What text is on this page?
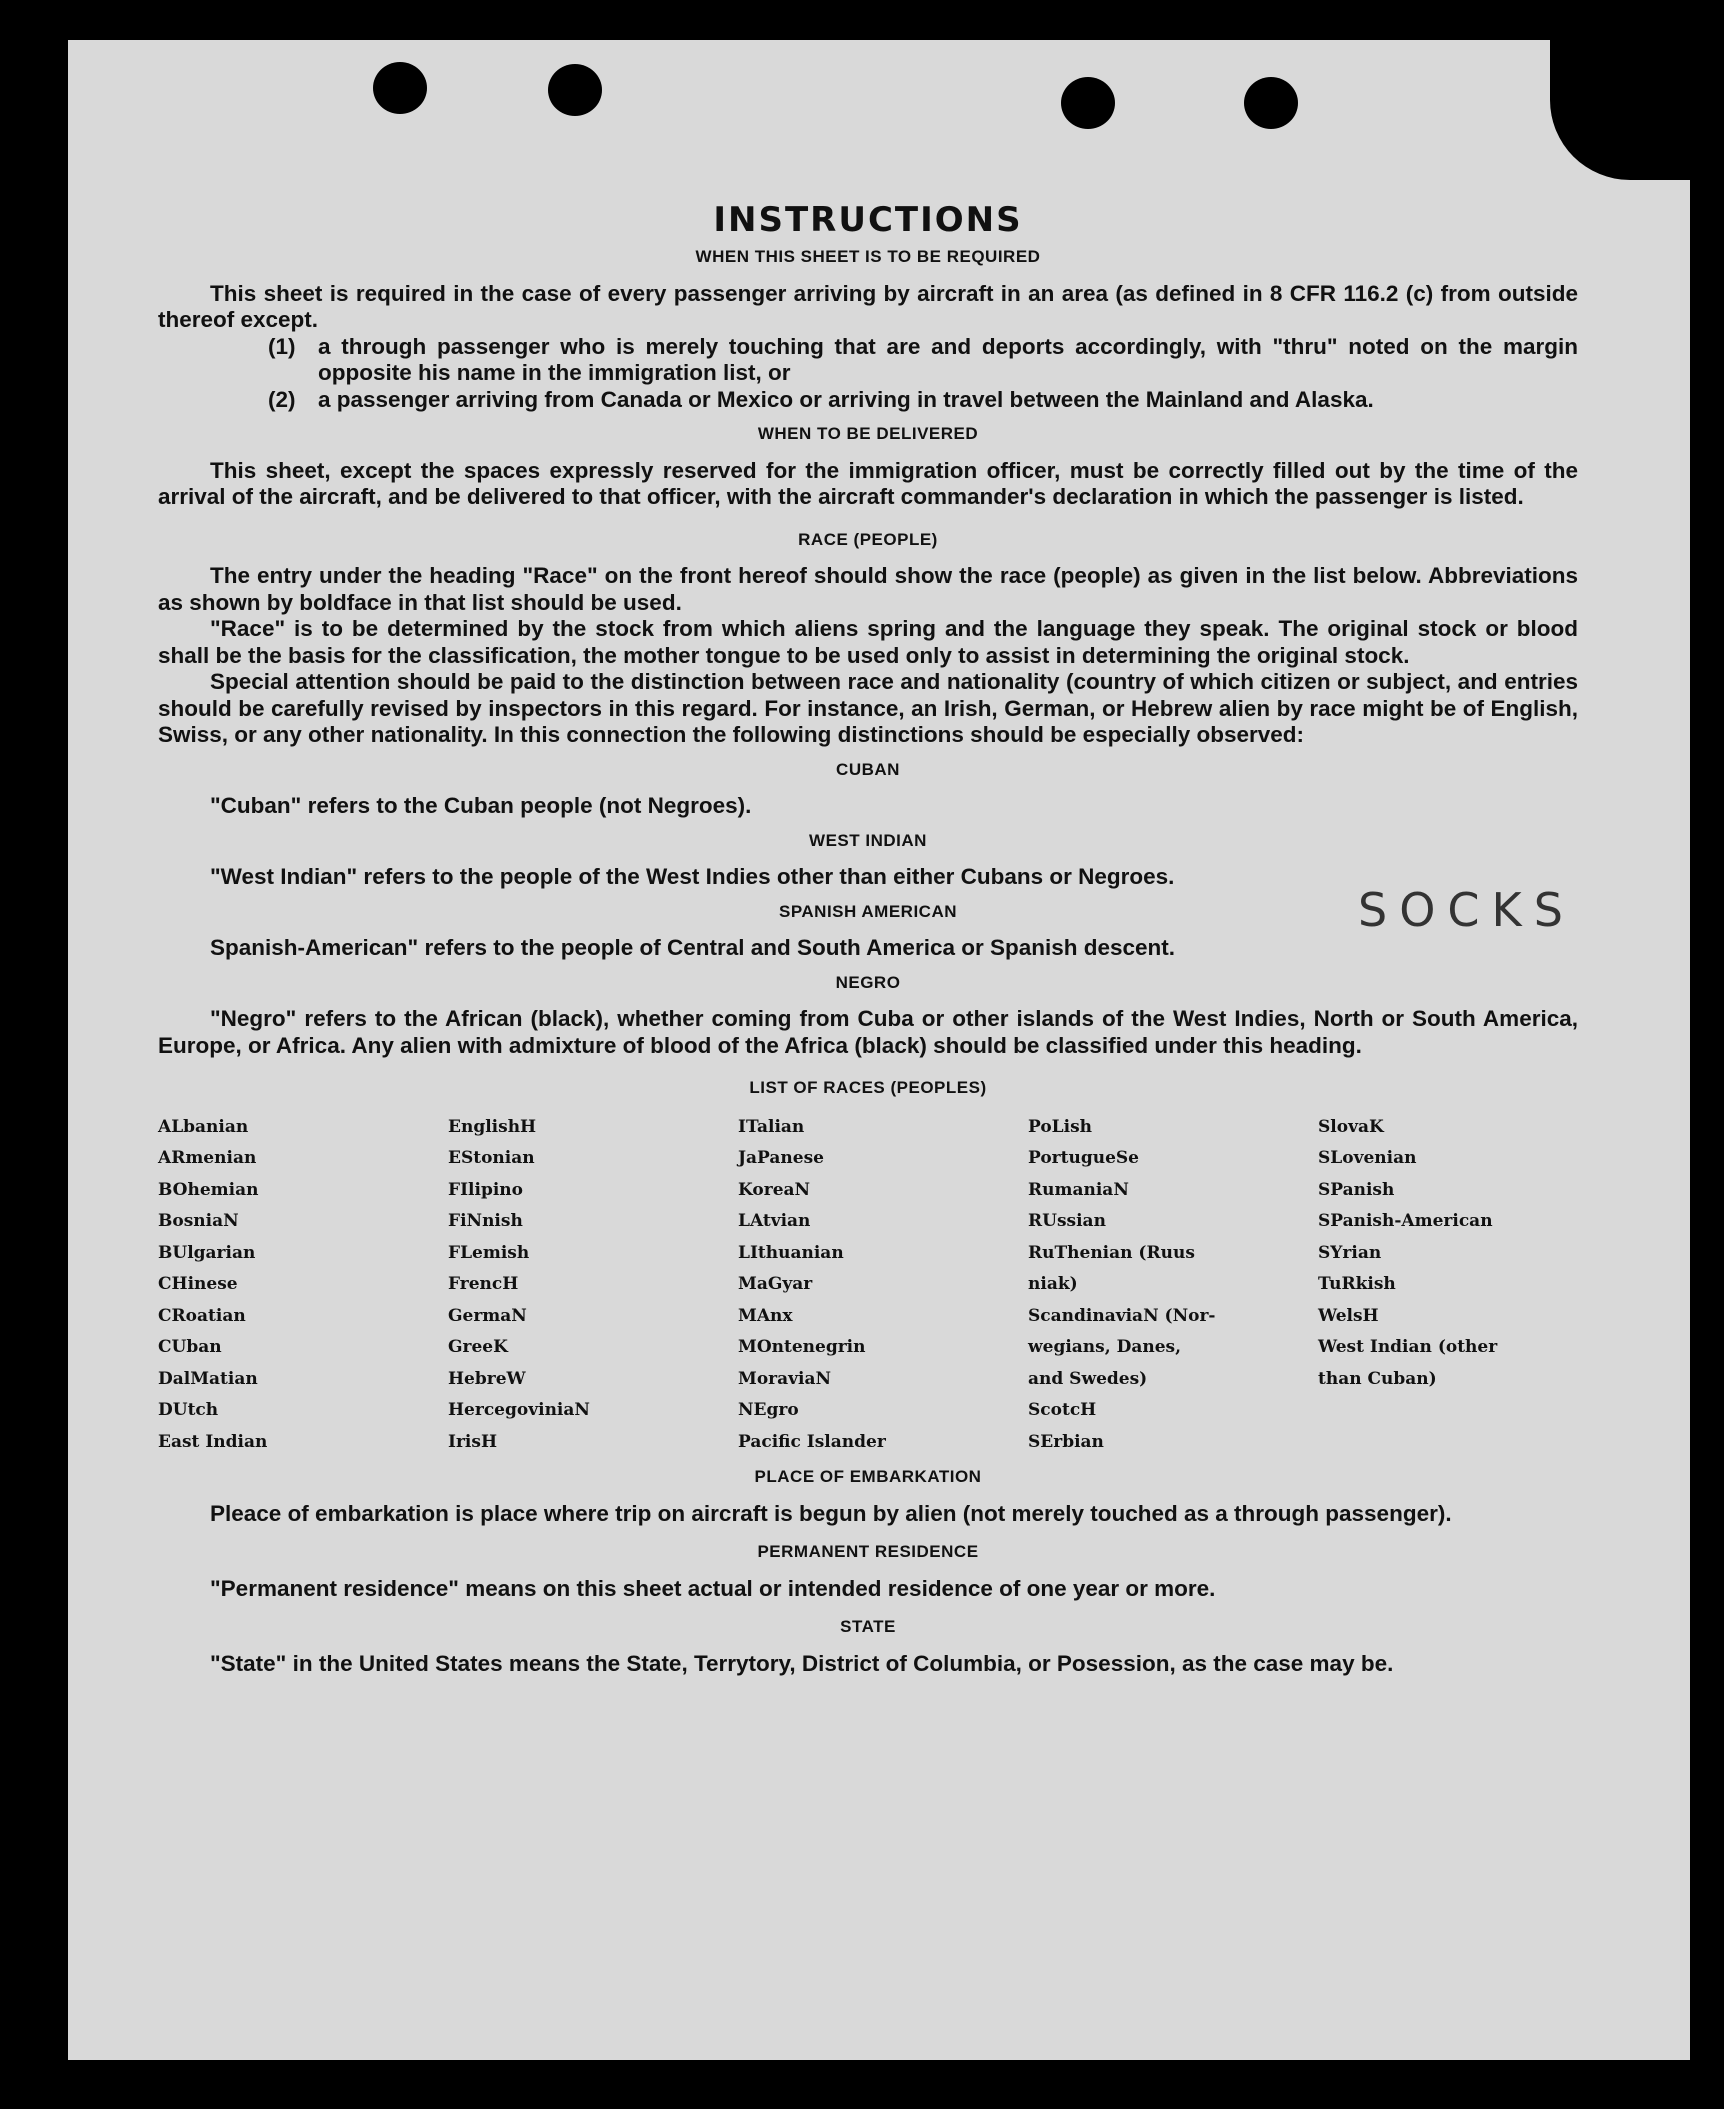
SOCKS
INSTRUCTIONS
WHEN THIS SHEET IS TO BE REQUIRED

This sheet is required in the case of every passenger arriving by aircraft in an area (as defined in 8 CFR 116.2 (c) from outside thereof except.

(1)	a through passenger who is merely touching that are and deports accordingly, with "thru" noted on the margin opposite his name in the immigration list, or
(2)	a passenger arriving from Canada or Mexico or arriving in travel between the Mainland and Alaska.
WHEN TO BE DELIVERED

This sheet, except the spaces expressly reserved for the immigration officer, must be correctly filled out by the time of the arrival of the aircraft, and be delivered to that officer, with the aircraft commander's declaration in which the passenger is listed.

RACE (PEOPLE)

The entry under the heading "Race" on the front hereof should show the race (people) as given in the list below. Abbreviations as shown by boldface in that list should be used.

"Race" is to be determined by the stock from which aliens spring and the language they speak. The original stock or blood shall be the basis for the classification, the mother tongue to be used only to assist in determining the original stock.

Special attention should be paid to the distinction between race and nationality (country of which citizen or subject, and entries should be carefully revised by inspectors in this regard. For instance, an Irish, German, or Hebrew alien by race might be of English, Swiss, or any other nationality. In this connection the following distinctions should be especially observed:

CUBAN

"Cuban" refers to the Cuban people (not Negroes).

WEST INDIAN

"West Indian" refers to the people of the West Indies other than either Cubans or Negroes.

SPANISH AMERICAN

Spanish-American" refers to the people of Central and South America or Spanish descent.

NEGRO

"Negro" refers to the African (black), whether coming from Cuba or other islands of the West Indies, North or South America, Europe, or Africa. Any alien with admixture of blood of the Africa (black) should be classified under this heading.

LIST OF RACES (PEOPLES)
ALbanian
ARmenian
BOhemian
BosniaN
BUlgarian
CHinese
CRoatian
CUban
DalMatian
DUtch
East Indian
EnglishH
EStonian
FIlipino
FiNnish
FLemish
FrencH
GermaN
GreeK
HebreW
HercegoviniaN
IrisH
ITalian
JaPanese
KoreaN
LAtvian
LIthuanian
MaGyar
MAnx
MOntenegrin
MoraviaN
NEgro
Pacific Islander
PoLish
PortugueSe
RumaniaN
RUssian
RuThenian (Ruus
niak)
ScandinaviaN (Nor-
wegians, Danes,
and Swedes)
ScotcH
SErbian
SlovaK
SLovenian
SPanish
SPanish-American
SYrian
TuRkish
WelsH
West Indian (other
than Cuban)
PLACE OF EMBARKATION

Pleace of embarkation is place where trip on aircraft is begun by alien (not merely touched as a through passenger).

PERMANENT RESIDENCE

"Permanent residence" means on this sheet actual or intended residence of one year or more.

STATE

"State" in the United States means the State, Terrytory, District of Columbia, or Posession, as the case may be.
